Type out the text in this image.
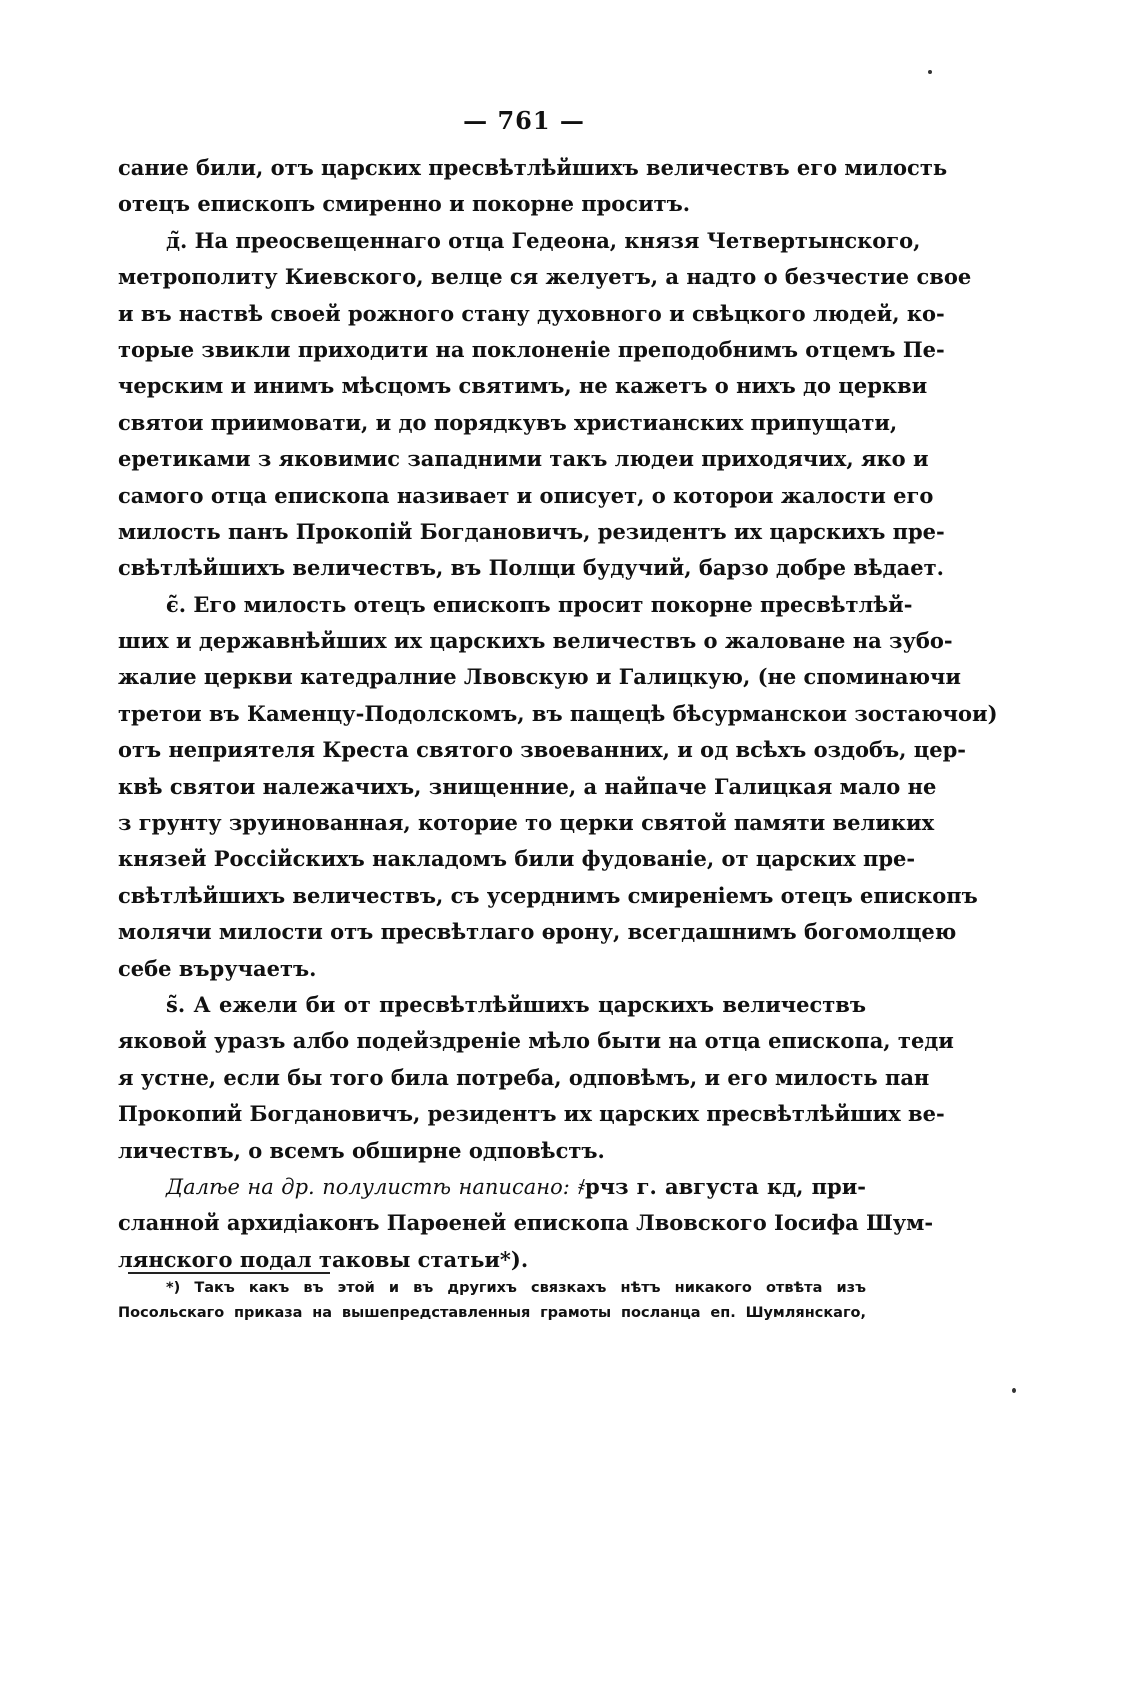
— 761 —
сание били, отъ царских пресвѣтлѣйшихъ величествъ его милость
отецъ епископъ смиренно и покорне проситъ.
д̃. На преосвещеннаго отца Гедеона, князя Четвертынского,
метрополиту Киевского, велце ся желуетъ, а надто о безчестие свое
и въ наствѣ своей рожного стану духовного и свѣцкого людей, ко-
торые звикли приходити на поклоненіе преподобнимъ отцемъ Пе-
черским и инимъ мѣсцомъ святимъ, не кажетъ о нихъ до церкви
святои приимовати, и до порядкувъ христианских припущати,
еретиками з яковимис западними такъ людеи приходячих, яко и
самого отца епископа називает и описует, о которои жалости его
милость панъ Прокопій Богдановичъ, резидентъ их царскихъ пре-
свѣтлѣйшихъ величествъ, въ Полщи будучий, барзо добре вѣдает.
є̃. Его милость отецъ епископъ просит покорне пресвѣтлѣй-
ших и державнѣйших их царскихъ величествъ о жаловане на зубо-
жалие церкви катедралние Лвовскую и Галицкую, (не споминаючи
третои въ Каменцу-Подолскомъ, въ пащецѣ бѣсурманскои зостаючои)
отъ неприятеля Креста святого звоеванних, и од всѣхъ оздобъ, цер-
квѣ святои належачихъ, знищенние, а найпаче Галицкая мало не
з грунту зруинованная, которие то церки святой памяти великих
князей Россійскихъ накладомъ били фудованіе, от царских пре-
свѣтлѣйшихъ величествъ, съ усерднимъ смиреніемъ отецъ епископъ
молячи милости отъ пресвѣтлаго ѳрону, всегдашнимъ богомолцею
себе въручаетъ.
ѕ̃. А ежели би от пресвѣтлѣйшихъ царскихъ величествъ
яковой уразъ албо подейздреніе мѣло быти на отца епископа, теди
я устне, если бы того била потреба, одповѣмъ, и его милость пан
Прокопий Богдановичъ, резидентъ их царских пресвѣтлѣйших ве-
личествъ, о всемъ обширне одповѣстъ.
Далѣе на др. полулистѣ написано: ҂рчз г. августа кд, при-
сланной архидіаконъ Парѳеней епископа Лвовского Іосифа Шум-
лянского подал таковы статьи*).
*) Такъ какъ въ этой и въ другихъ связкахъ нѣтъ никакого отвѣта изъ
Посольскаго приказа на вышепредставленныя грамоты посланца еп. Шумлянскаго,
